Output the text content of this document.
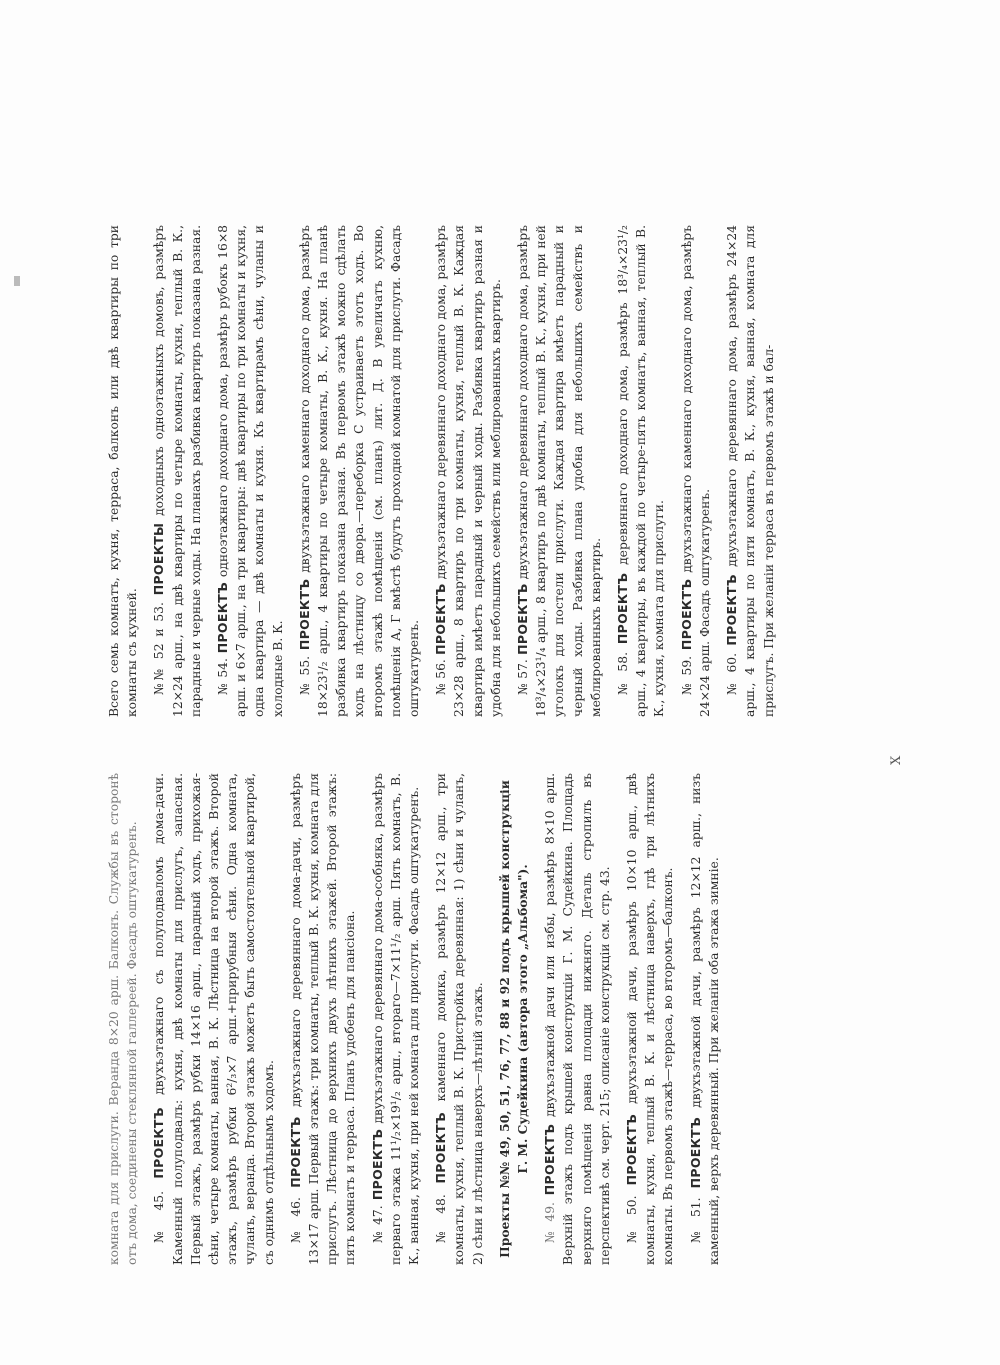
комната для прислуги. Веранда 8×20 арш. Балконъ. Службы въ сторонѣ отъ дома, соединены стеклянной галлереей. Фасадъ оштукатуренъ. № 45. ПРОЕКТЪ двухъэтажнаго съ полуподваломъ дома-дачи. Каменный полуподвалъ: кухня, двѣ комнаты для прислугъ, запасная. Первый этажъ, размѣръ рубки 14×16 арш., парадный ходъ, прихожая-сѣни, четыре комнаты, ванная, В. К. Лѣстница на второй этажъ. Второй этажъ, размѣръ рубки 6²/₃×7 арш.+прирубныя сѣни. Одна комната, чуланъ, веранда. Второй этажъ можетъ быть самостоятельной квартирой, съ однимъ отдѣльнымъ ходомъ. № 46. ПРОЕКТЪ двухъэтажнаго деревяннаго дома-дачи, размѣръ 13×17 арш. Первый этажъ: три комнаты, теплый В. К. кухня, комната для прислугъ. Лѣстница до верхнихъ двухъ лѣтнихъ этажей. Второй этажъ: пять комнатъ и терраса. Планъ удобенъ для пансіона. № 47. ПРОЕКТЪ двухъэтажнаго деревяннаго дома-особняка, размѣръ перваго этажа 11¹/₂×19¹/₂ арш., втораго—7×11¹/₂ арш. Пять комнатъ, В. К., ванная, кухня, при ней комната для прислуги. Фасадъ оштукатуренъ. № 48. ПРОЕКТЪ каменнаго домика, размѣръ 12×12 арш., три комнаты, кухня, теплый В. К. Пристройка деревянная: 1) сѣни и чуланъ, 2) сѣни и лѣстница наверхъ—лѣтній этажъ. Проекты №№ 49, 50, 51, 76, 77, 88 и 92 подъ крышей конструкціи Г. М. Судейкина (автора этого „Альбома").

№ 49. ПРОЕКТЪ двухъэтажной дачи или избы, размѣръ 8×10 арш. Верхній этажъ подъ крышей конструкціи Г. М. Судейкина. Площадь верхняго помѣщенія равна площади нижняго. Деталь стропилъ въ перспективѣ см. черт. 215; описаніе конструкціи см. стр. 43. № 50. ПРОЕКТЪ двухъэтажной дачи, размѣръ 10×10 арш., двѣ комнаты, кухня, теплый В. К. и лѣстница наверхъ, гдѣ три лѣтнихъ комнаты. Въ первомъ этажѣ—терраса, во второмъ—балконъ. № 51. ПРОЕКТЪ двухъэтажной дачи, размѣръ 12×12 арш., низъ каменный, верхъ деревянный. При желаніи оба этажа зимніе.

Всего семь комнатъ, кухня, терраса, балконъ или двѣ квартиры по три комнаты съ кухней. №№ 52 и 53. ПРОЕКТЫ доходныхъ одноэтажныхъ домовъ, размѣръ 12×24 арш., на двѣ квартиры по четыре комнаты, кухня, теплый В. К., парадные и черные ходы. На планахъ разбивка квартиръ показана разная. № 54. ПРОЕКТЪ одноэтажнаго доходнаго дома, размѣръ рубокъ 16×8 арш. и 6×7 арш., на три квартиры: двѣ квартиры по три комнаты и кухня, одна квартира — двѣ комнаты и кухня. Къ квартирамъ сѣни, чуланы и холодные В. К. № 55. ПРОЕКТЪ двухъэтажнаго каменнаго доходнаго дома, размѣръ 18×23¹/₂ арш., 4 квартиры по четыре комнаты, В. К., кухня. На планѣ разбивка квартиръ показана разная. Въ первомъ этажѣ можно сдѣлать ходъ на лѣстницу со двора.—переборка С устраиваетъ этотъ ходъ. Во второмъ этажѣ помѣщенія (см. планъ) лит. Д. В увеличатъ кухню, помѣщенія А, Г вмѣстѣ будутъ проходной комнатой для прислуги. Фасадъ оштукатуренъ. № 56. ПРОЕКТЪ двухъэтажнаго деревяннаго доходнаго дома, размѣръ 23×28 арш., 8 квартиръ по три комнаты, кухня, теплый В. К. Каждая квартира имѣетъ парадный и черный ходы. Разбивка квартиръ разная и удобна для небольшихъ семействъ или меблированныхъ квартиръ. № 57. ПРОЕКТЪ двухъэтажнаго деревяннаго доходнаго дома, размѣръ 18³/₄×23¹/₄ арш., 8 квартиръ по двѣ комнаты, теплый В. К., кухня, при ней уголокъ для постели прислуги. Каждая квартира имѣетъ парадный и черный ходы. Разбивка плана удобна для небольшихъ семействъ и меблированныхъ квартиръ. № 58. ПРОЕКТЪ деревяннаго доходнаго дома, размѣръ 18³/₄×23¹/₂ арш., 4 квартиры, въ каждой по четыре-пять комнатъ, ванная, теплый В. К., кухня, комната для прислуги. № 59. ПРОЕКТЪ двухъэтажнаго каменнаго доходнаго дома, размѣръ 24×24 арш. Фасадъ оштукатуренъ. № 60. ПРОЕКТЪ двухъэтажнаго деревяннаго дома, размѣръ 24×24 арш., 4 квартиры по пяти комнатъ, В. К., кухня, ванная, комната для прислугъ. При желаніи терраса въ первомъ этажѣ и бал-

X
